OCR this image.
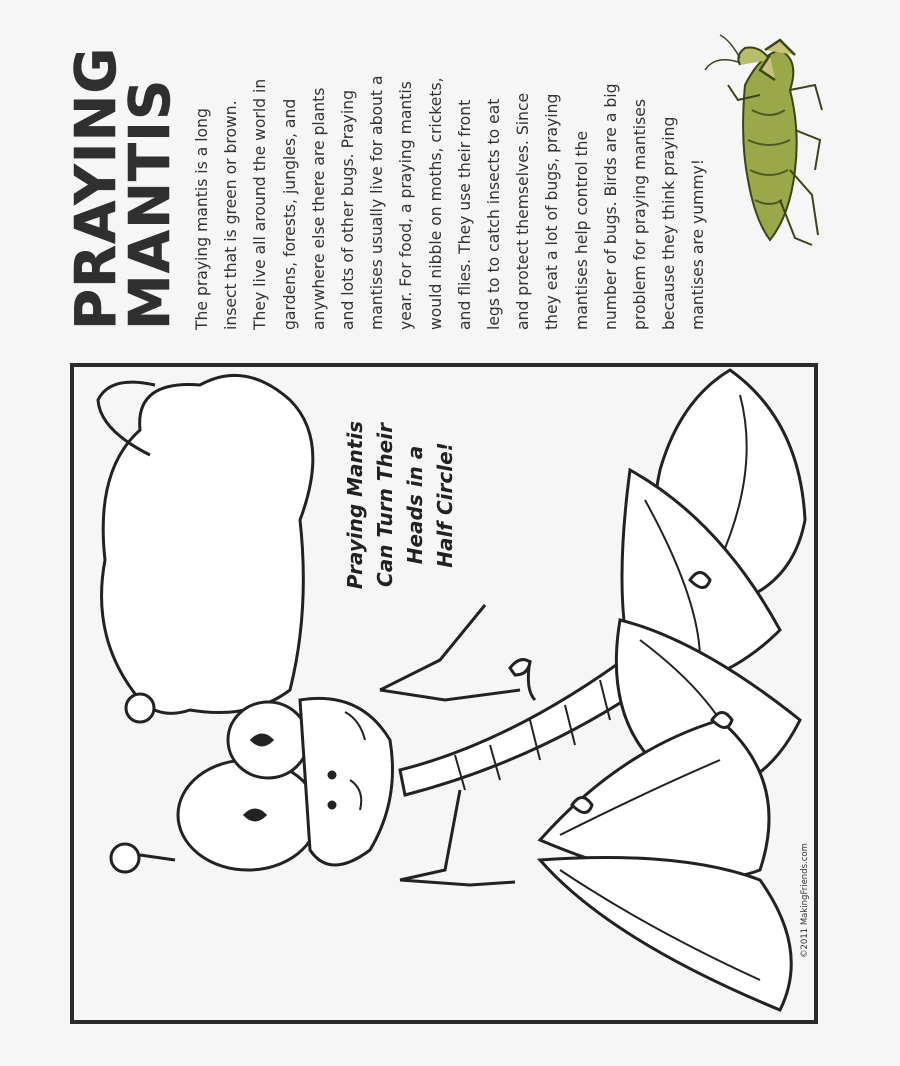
PRAYING
MANTIS The praying mantis is a long insect that is green or brown. They live all around the world in gardens, forests, jungles, and anywhere else there are plants and lots of other bugs. Praying mantises usually live for about a year. For food, a praying mantis would nibble on moths, crickets, and flies. They use their front legs to to catch insects to eat and protect themselves. Since they eat a lot of bugs, praying mantises help control the number of bugs. Birds are a big problem for praying mantises because they think praying mantises are yummy!
Praying Mantis Can Turn Their Heads in a Half Circle!
©2011 MakingFriends.com
